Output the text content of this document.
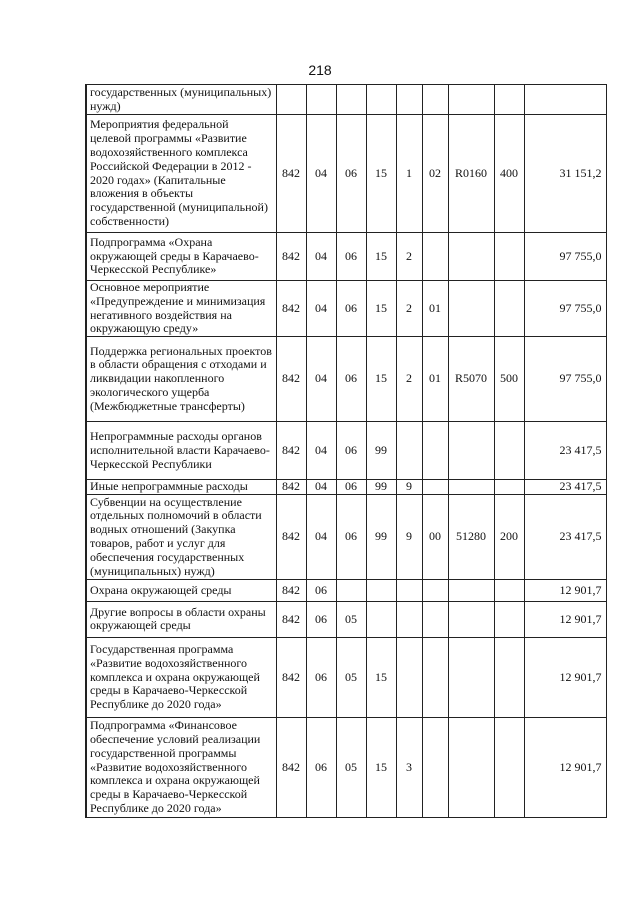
218
	государственных (муниципальных) нужд)									
	Мероприятия федеральной целевой программы «Развитие водохозяйственного комплекса Российской Федерации в 2012 - 2020 годах» (Капитальные вложения в объекты государственной (муниципальной) собственности)	842	04	06	15	1	02	R0160	400	31 151,2
	Подпрограмма «Охрана окружающей среды в Карачаево-Черкесской Республике»	842	04	06	15	2				97 755,0
	Основное мероприятие «Предупреждение и минимизация негативного воздействия на окружающую среду»	842	04	06	15	2	01			97 755,0
	Поддержка региональных проектов в области обращения с отходами и ликвидации накопленного экологического ущерба (Межбюджетные трансферты)	842	04	06	15	2	01	R5070	500	97 755,0
	Непрограммные расходы органов исполнительной власти Карачаево-Черкесской Республики	842	04	06	99					23 417,5
	Иные непрограммные расходы	842	04	06	99	9				23 417,5
	Субвенции на осуществление отдельных полномочий в области водных отношений (Закупка товаров, работ и услуг для обеспечения государственных (муниципальных) нужд)	842	04	06	99	9	00	51280	200	23 417,5
	Охрана окружающей среды	842	06							12 901,7
	Другие вопросы в области охраны окружающей среды	842	06	05						12 901,7
	Государственная программа «Развитие водохозяйственного комплекса и охрана окружающей среды в Карачаево-Черкесской Республике до 2020 года»	842	06	05	15					12 901,7
	Подпрограмма «Финансовое обеспечение условий реализации государственной программы «Развитие водохозяйственного комплекса и охрана окружающей среды в Карачаево-Черкесской Республике до 2020 года»	842	06	05	15	3				12 901,7
